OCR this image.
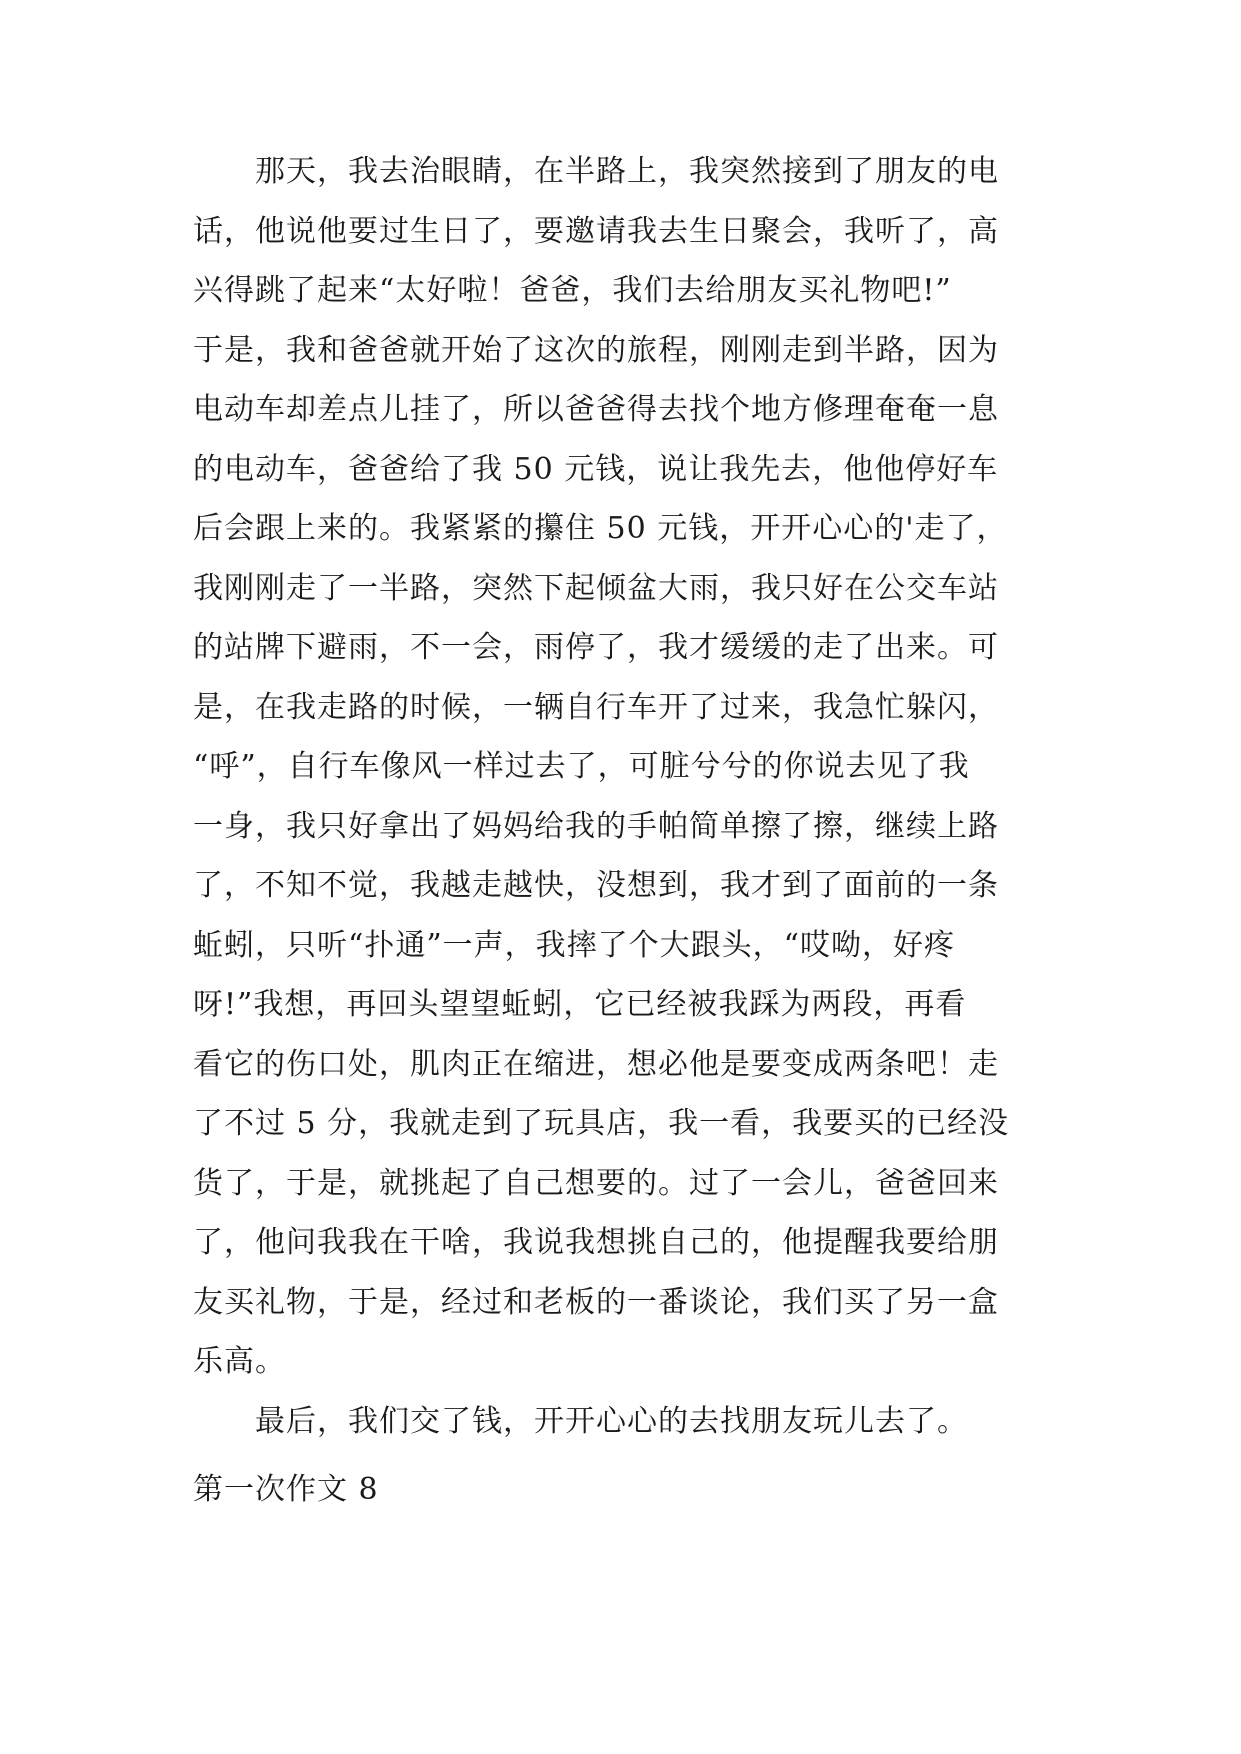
那天，我去治眼睛，在半路上，我突然接到了朋友的电
话，他说他要过生日了，要邀请我去生日聚会，我听了，高
兴得跳了起来“太好啦！爸爸，我们去给朋友买礼物吧!”
于是，我和爸爸就开始了这次的旅程，刚刚走到半路，因为
电动车却差点儿挂了，所以爸爸得去找个地方修理奄奄一息
的电动车，爸爸给了我 50 元钱，说让我先去，他他停好车
后会跟上来的。我紧紧的攥住 50 元钱，开开心心的'走了，
我刚刚走了一半路，突然下起倾盆大雨，我只好在公交车站
的站牌下避雨，不一会，雨停了，我才缓缓的走了出来。可
是，在我走路的时候，一辆自行车开了过来，我急忙躲闪，
“呼”，自行车像风一样过去了，可脏兮兮的你说去见了我
一身，我只好拿出了妈妈给我的手帕简单擦了擦，继续上路
了，不知不觉，我越走越快，没想到，我才到了面前的一条
蚯蚓，只听“扑通”一声，我摔了个大跟头，“哎呦，好疼
呀!”我想，再回头望望蚯蚓，它已经被我踩为两段，再看
看它的伤口处，肌肉正在缩进，想必他是要变成两条吧！走
了不过 5 分，我就走到了玩具店，我一看，我要买的已经没
货了，于是，就挑起了自己想要的。过了一会儿，爸爸回来
了，他问我我在干啥，我说我想挑自己的，他提醒我要给朋
友买礼物，于是，经过和老板的一番谈论，我们买了另一盒
乐高。
最后，我们交了钱，开开心心的去找朋友玩儿去了。
第一次作文 8
